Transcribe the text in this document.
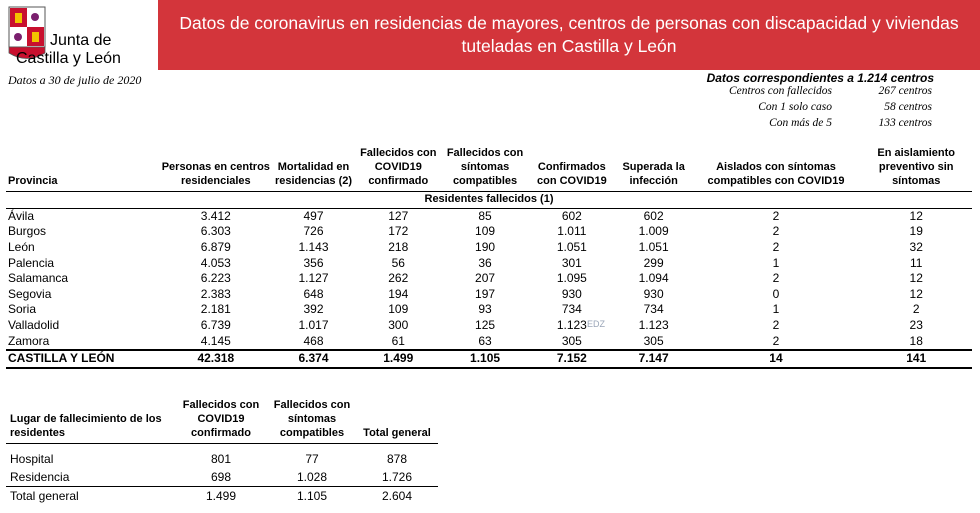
Junta de
Castilla y León
Datos de coronavirus en residencias de mayores, centros de personas con discapacidad y viviendas tuteladas en Castilla y León
Datos a 30 de julio de 2020	Datos correspondientes a 1.214 centros
Centros con fallecidos	267 centros
Con 1 solo caso	58 centros
Con más de 5	133 centros
Provincia	Personas en centros residenciales	Mortalidad en residencias (2)	Fallecidos con COVID19 confirmado	Fallecidos con síntomas compatibles	Confirmados con COVID19	Superada la infección	Aislados con síntomas compatibles con COVID19	En aislamiento preventivo sin síntomas
Residentes fallecidos (1)								
Ávila	3.412	497	127	85	602	602	2	12
Burgos	6.303	726	172	109	1.011	1.009	2	19
León	6.879	1.143	218	190	1.051	1.051	2	32
Palencia	4.053	356	56	36	301	299	1	11
Salamanca	6.223	1.127	262	207	1.095	1.094	2	12
Segovia	2.383	648	194	197	930	930	0	12
Soria	2.181	392	109	93	734	734	1	2
Valladolid	6.739	1.017	300	125	1.123	1.123	2	23
Zamora	4.145	468	61	63	305	305	2	18
CASTILLA Y LEÓN	42.318	6.374	1.499	1.105	7.152	7.147	14	141
Lugar de fallecimiento de los residentes	Fallecidos con COVID19 confirmado	Fallecidos con síntomas compatibles	Total general

Hospital	801	77	878
Residencia	698	1.028	1.726
Total general	1.499	1.105	2.604
EDZ
